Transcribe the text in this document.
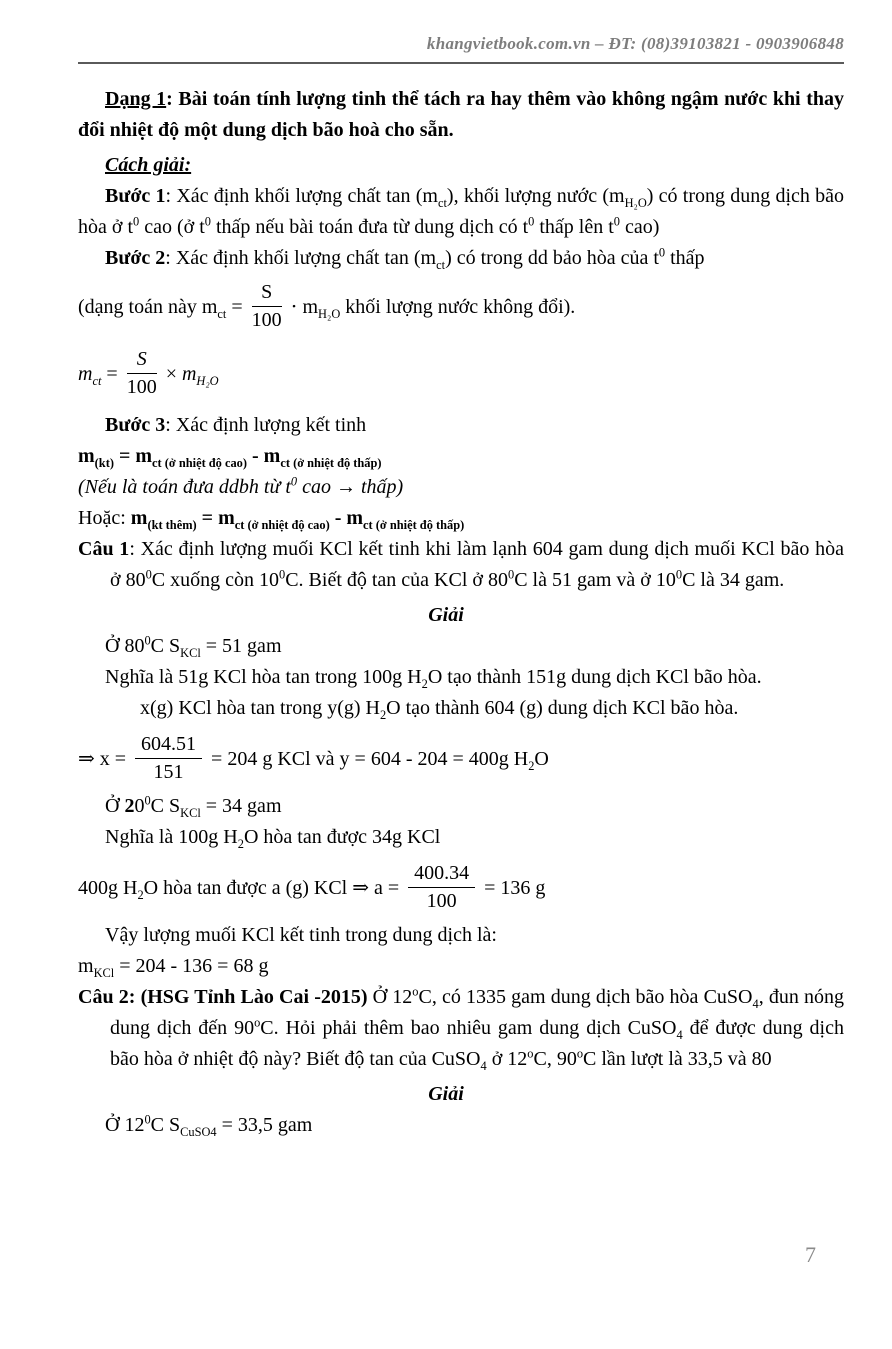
khangvietbook.com.vn – ĐT: (08)39103821 - 0903906848
Dạng 1: Bài toán tính lượng tinh thể tách ra hay thêm vào không ngậm nước khi thay đổi nhiệt độ một dung dịch bão hoà cho sẵn.
Cách giải:
Bước 1: Xác định khối lượng chất $\tan (m_{ct})$, khối lượng nước $(m_{H_2O})$ có trong dung dịch bão hòa ở $t^0$ cao (ở $t^0$ thấp nếu bài toán đưa từ dung dịch có $t^0$ thấp lên $t^0$ cao)
Bước 2: Xác định khối lượng chất $\tan (m_{ct})$ có trong dd bảo hòa của $t^0$ thấp
(dạng toán này $m_{ct} = \frac{S}{100} \cdot m_{H_2O}$ khối lượng nước không đổi).
$m_{ct} = \frac{S}{100} \times m_{H_2O}$
Bước 3: Xác định lượng kết tinh
$m_{(kt)} = m_{ct (ở nhiệt độ cao)} - m_{ct (ở nhiệt độ thấp)}$
(Nếu là toán đưa ddbh từ $t^0$ cao → thấp)
Hoặc: $m_{(kt thêm)} = m_{ct (ở nhiệt độ cao)} - m_{ct (ở nhiệt độ thấp)}$
Câu 1: Xác định lượng muối KCl kết tinh khi làm lạnh 604 gam dung dịch muối KCl bão hòa ở $80^0C$ xuống còn $10^0C$. Biết độ tan của KCl ở $80^0C$ là 51 gam và ở $10^0C$ là 34 gam.
Giải
Ở $80^0C$ $S_{KCl} = 51$ gam
Nghĩa là 51g KCl hòa tan trong 100g $H_2O$ tạo thành 151g dung dịch KCl bão hòa.
x(g) KCl hòa tan trong y(g) $H_2O$ tạo thành 604 (g) dung dịch KCl bão hòa.
⇒ $x = \frac{604.51}{151} = 204$ g KCl và y = 604 - 204 = 400g $H_2O$
Ở $20^0C$ $S_{KCl} = 34$ gam
Nghĩa là 100g $H_2O$ hòa tan được 34g KCl
400g $H_2O$ hòa tan được a (g) KCl ⇒ $a = \frac{400.34}{100} = 136$ g
Vậy lượng muối KCl kết tinh trong dung dịch là:
$m_{KCl} = 204 - 136 = 68$ g
Câu 2: (HSG Tỉnh Lào Cai -2015) Ở 12$^o$C, có 1335 gam dung dịch bão hòa CuSO$_4$, đun nóng dung dịch đến 90$^o$C. Hỏi phải thêm bao nhiêu gam dung dịch CuSO$_4$ để được dung dịch bão hòa ở nhiệt độ này? Biết độ tan của CuSO$_4$ ở 12$^o$C, 90$^o$C lần lượt là 33,5 và 80
Giải
Ở $12^0C$ $S_{CuSO4} = 33,5$ gam
7
